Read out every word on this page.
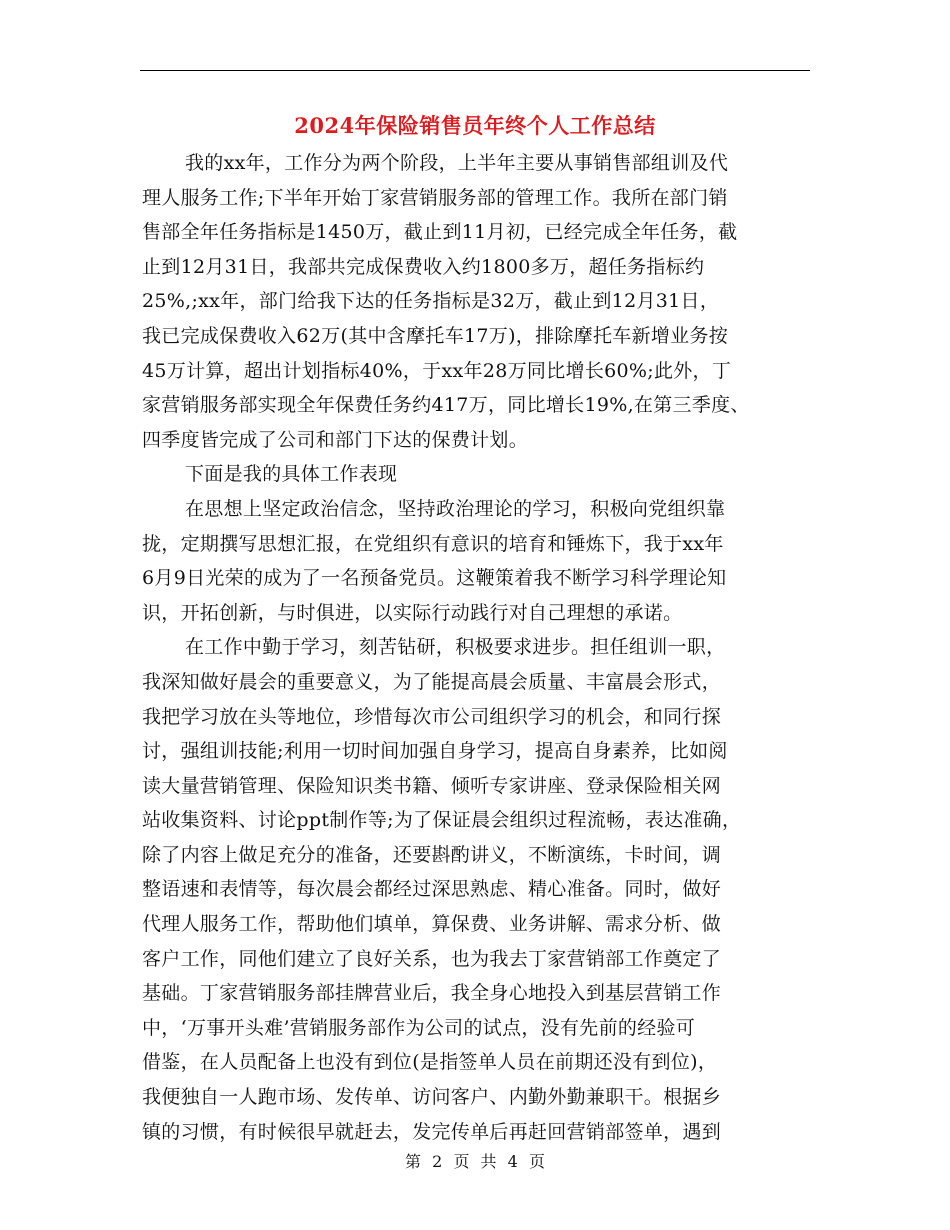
2024年保险销售员年终个人工作总结
我的xx年，工作分为两个阶段，上半年主要从事销售部组训及代
理人服务工作;下半年开始丁家营销服务部的管理工作。我所在部门销
售部全年任务指标是1450万，截止到11月初，已经完成全年任务，截
止到12月31日，我部共完成保费收入约1800多万，超任务指标约
25%,;xx年，部门给我下达的任务指标是32万，截止到12月31日，
我已完成保费收入62万(其中含摩托车17万)，排除摩托车新增业务按
45万计算，超出计划指标40%，于xx年28万同比增长60%;此外，丁
家营销服务部实现全年保费任务约417万，同比增长19%,在第三季度、
四季度皆完成了公司和部门下达的保费计划。
下面是我的具体工作表现
在思想上坚定政治信念，坚持政治理论的学习，积极向党组织靠
拢，定期撰写思想汇报，在党组织有意识的培育和锤炼下，我于xx年
6月9日光荣的成为了一名预备党员。这鞭策着我不断学习科学理论知
识，开拓创新，与时俱进，以实际行动践行对自己理想的承诺。
在工作中勤于学习，刻苦钻研，积极要求进步。担任组训一职，
我深知做好晨会的重要意义，为了能提高晨会质量、丰富晨会形式，
我把学习放在头等地位，珍惜每次市公司组织学习的机会，和同行探
讨，强组训技能;利用一切时间加强自身学习，提高自身素养，比如阅
读大量营销管理、保险知识类书籍、倾听专家讲座、登录保险相关网
站收集资料、讨论ppt制作等;为了保证晨会组织过程流畅，表达准确，
除了内容上做足充分的准备，还要斟酌讲义，不断演练，卡时间，调
整语速和表情等，每次晨会都经过深思熟虑、精心准备。同时，做好
代理人服务工作，帮助他们填单，算保费、业务讲解、需求分析、做
客户工作，同他们建立了良好关系，也为我去丁家营销部工作奠定了
基础。丁家营销服务部挂牌营业后，我全身心地投入到基层营销工作
中，‘万事开头难’营销服务部作为公司的试点，没有先前的经验可
借鉴，在人员配备上也没有到位(是指签单人员在前期还没有到位)，
我便独自一人跑市场、发传单、访问客户、内勤外勤兼职干。根据乡
镇的习惯，有时候很早就赶去，发完传单后再赶回营销部签单，遇到
第 2 页 共 4 页
